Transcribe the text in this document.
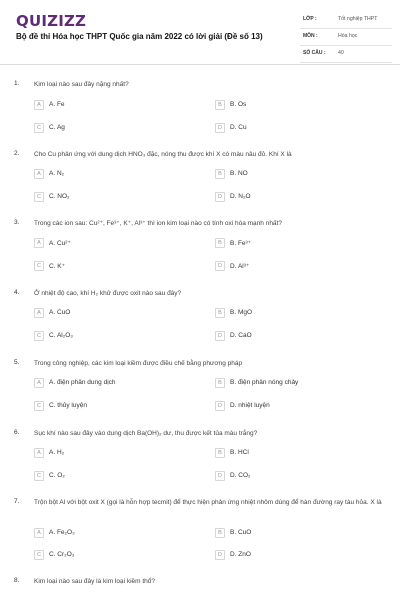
QUIZIZZ
Bộ đề thi Hóa học THPT Quốc gia năm 2022 có lời giải (Đề số 13)
LỚP :	Tốt nghiệp THPT
MÔN :	Hóa học
SỐ CÂU : 40
1. Kim loại nào sau đây nặng nhất?
A	A. Fe	B	B. Os
C	C. Ag	D	D. Cu
2. Cho Cu phản ứng với dung dịch HNO₃ đặc, nóng thu được khí X có màu nâu đỏ. Khí X là
A	A. N₂	B	B. NO
C	C. NO₂	D	D. N₂O
3. Trong các ion sau: Cu²⁺, Fe³⁺, K⁺, Al³⁺ thì ion kim loại nào có tính oxi hóa mạnh nhất?
A	A. Cu²⁺	B	B. Fe³⁺
C	C. K⁺	D	D. Al³⁺
4. Ở nhiệt độ cao, khí H₂ khử được oxit nào sau đây?
A	A. CuO	B	B. MgO
C	C. Al₂O₃	D	D. CaO
5. Trong công nghiệp, các kim loại kiềm được điều chế bằng phương pháp
A	A. điện phân dung dịch	B	B. điện phân nóng chảy
C	C. thủy luyện	D	D. nhiệt luyện
6. Sục khí nào sau đây vào dung dịch Ba(OH)₂ dư, thu được kết tủa màu trắng?
A	A. H₂	B	B. HCl
C	C. O₂	D	D. CO₂
7. Trộn bột Al với bột oxit X (gọi là hỗn hợp tecmit) để thực hiện phản ứng nhiệt nhôm dùng để hàn đường ray tàu hỏa. X là
A	A. Fe₂O₃	B	B. CuO
C	C. Cr₂O₃	D	D. ZnO
8. Kim loại nào sau đây là kim loại kiềm thổ?
